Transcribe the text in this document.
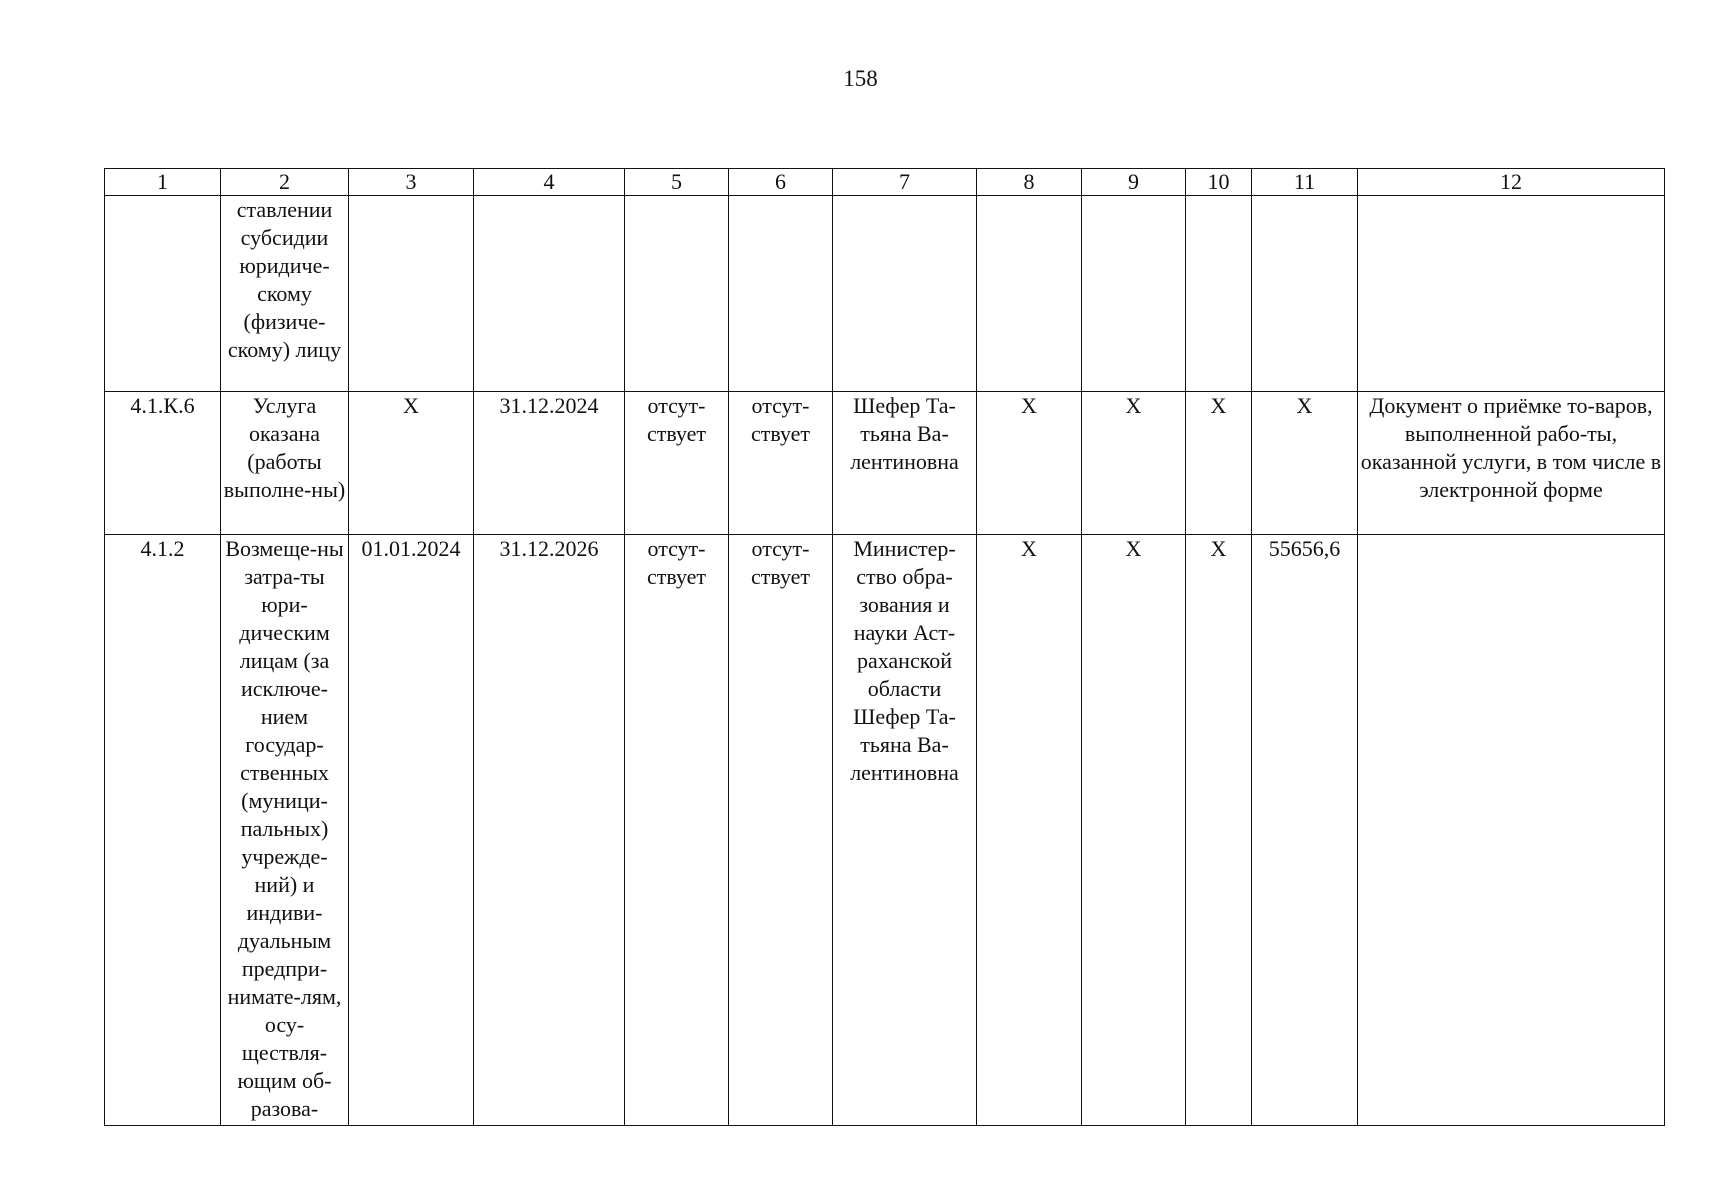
158
1	2	3	4	5	6	7	8	9	10	11	12
	ставлении субсидии юридиче-скому (физиче-скому) лицу										
4.1.К.6	Услуга оказана (работы выполне-ны)	X	31.12.2024	отсут-ствует	отсут-ствует	Шефер Та-тьяна Ва-лентиновна	X	X	X	X	Документ о приёмке то-варов, выполненной рабо-ты, оказанной услуги, в том числе в электронной форме
4.1.2	Возмеще-ны затра-ты юри-дическим лицам (за исключе-нием государ-ственных (муници-пальных) учрежде-ний) и индиви-дуальным предпри-нимате-лям, осу-ществля-ющим об-разова-	01.01.2024	31.12.2026	отсут-ствует	отсут-ствует	Министер-ство обра-зования и науки Аст-раханской области Шефер Та-тьяна Ва-лентиновна	X	X	X	55656,6	
